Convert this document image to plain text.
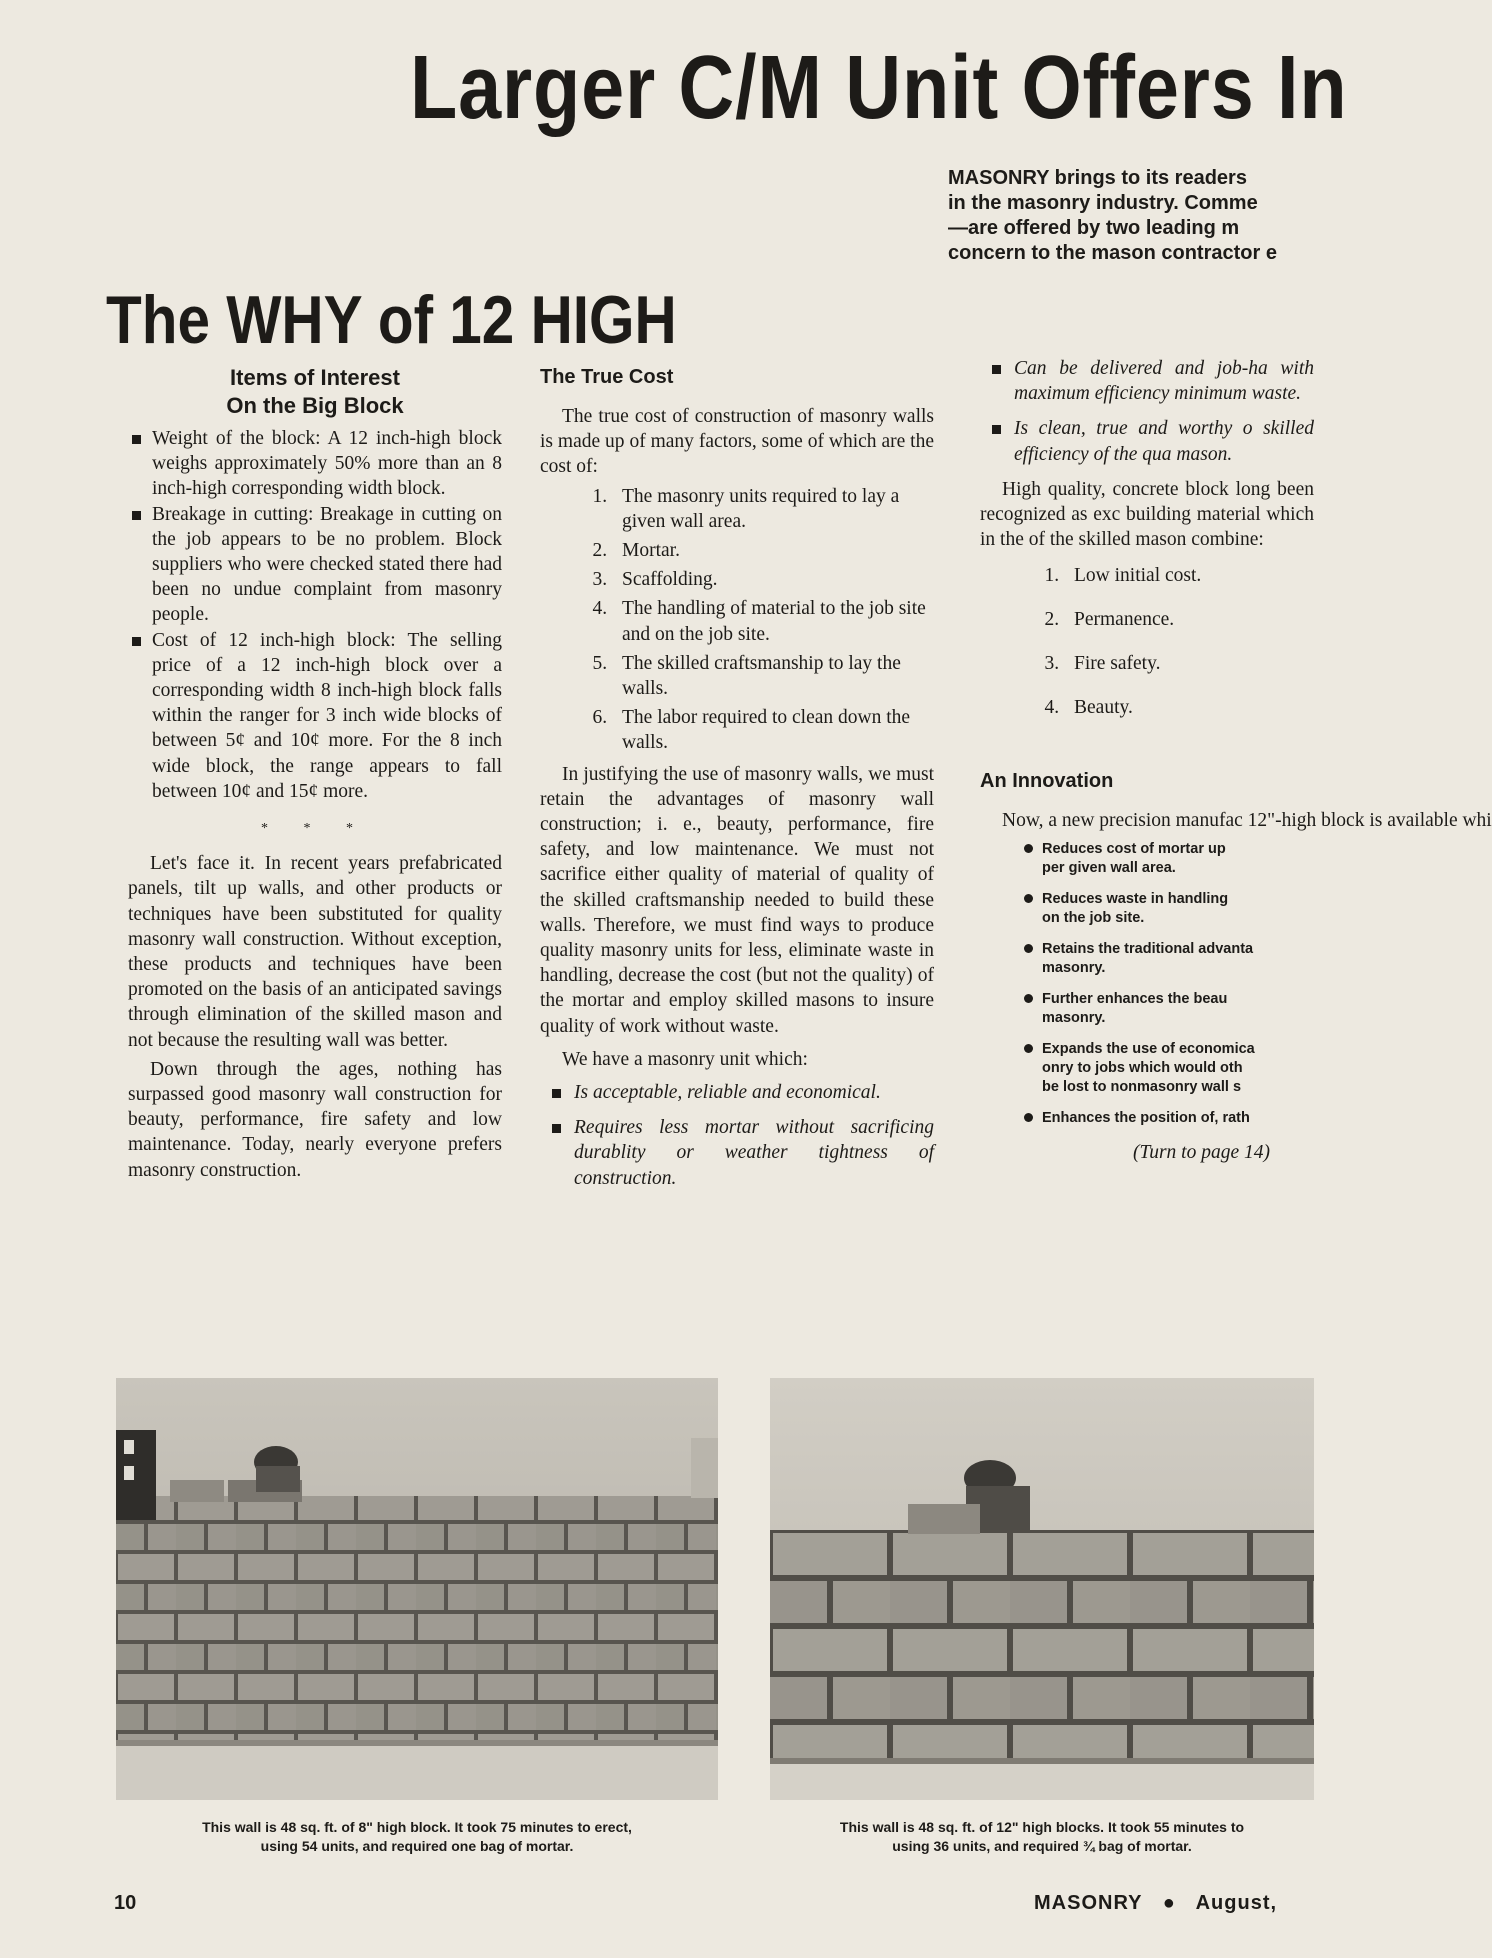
Larger C/M Unit Offers In
MASONRY brings to its readers
in the masonry industry. Comme
—are offered by two leading m
concern to the mason contractor e
The WHY of 12 HIGH
Items of Interest
On the Big Block
Weight of the block: A 12 inch-high block weighs approximately 50% more than an 8 inch-high corresponding width block.
Breakage in cutting: Breakage in cutting on the job appears to be no problem. Block suppliers who were checked stated there had been no undue complaint from masonry people.
Cost of 12 inch-high block: The selling price of a 12 inch-high block over a corresponding width 8 inch-high block falls within the ranger for 3 inch wide blocks of between 5¢ and 10¢ more. For the 8 inch wide block, the range appears to fall between 10¢ and 15¢ more.
* * *

Let's face it. In recent years prefabricated panels, tilt up walls, and other products or techniques have been substituted for quality masonry wall construction. Without exception, these products and techniques have been promoted on the basis of an anticipated savings through elimination of the skilled mason and not because the resulting wall was better.

Down through the ages, nothing has surpassed good masonry wall construction for beauty, performance, fire safety and low maintenance. Today, nearly everyone prefers masonry construction.

The True Cost

The true cost of construction of masonry walls is made up of many factors, some of which are the cost of:

1. The masonry units required to lay a given wall area.
2. Mortar.
3. Scaffolding.
4. The handling of material to the job site and on the job site.
5. The skilled craftsmanship to lay the walls.
6. The labor required to clean down the walls.

In justifying the use of masonry walls, we must retain the advantages of masonry wall construction; i. e., beauty, performance, fire safety, and low maintenance. We must not sacrifice either quality of material of quality of the skilled craftsmanship needed to build these walls. Therefore, we must find ways to produce quality masonry units for less, eliminate waste in handling, decrease the cost (but not the quality) of the mortar and employ skilled masons to insure quality of work without waste.

We have a masonry unit which:

Is acceptable, reliable and economical.
Requires less mortar without sacrificing durablity or weather tightness of construction.
Can be delivered and job-ha with maximum efficiency minimum waste.
Is clean, true and worthy o skilled efficiency of the qua mason.

High quality, concrete block long been recognized as exc building material which in the of the skilled mason combine:

1. Low initial cost.
2. Permanence.
3. Fire safety.
4. Beauty.
An Innovation

Now, a new precision manufac 12"-high block is available whi

Reduces cost of mortar up
per given wall area.
Reduces waste in handling
on the job site.
Retains the traditional advanta
masonry.
Further enhances the beau
masonry.
Expands the use of economica
onry to jobs which would oth
be lost to nonmasonry wall s
Enhances the position of, rath
(Turn to page 14)
This wall is 48 sq. ft. of 8" high block. It took 75 minutes to erect,
using 54 units, and required one bag of mortar.
This wall is 48 sq. ft. of 12" high blocks. It took 55 minutes to
using 36 units, and required ¾ bag of mortar.
10	MASONRY ● August,
